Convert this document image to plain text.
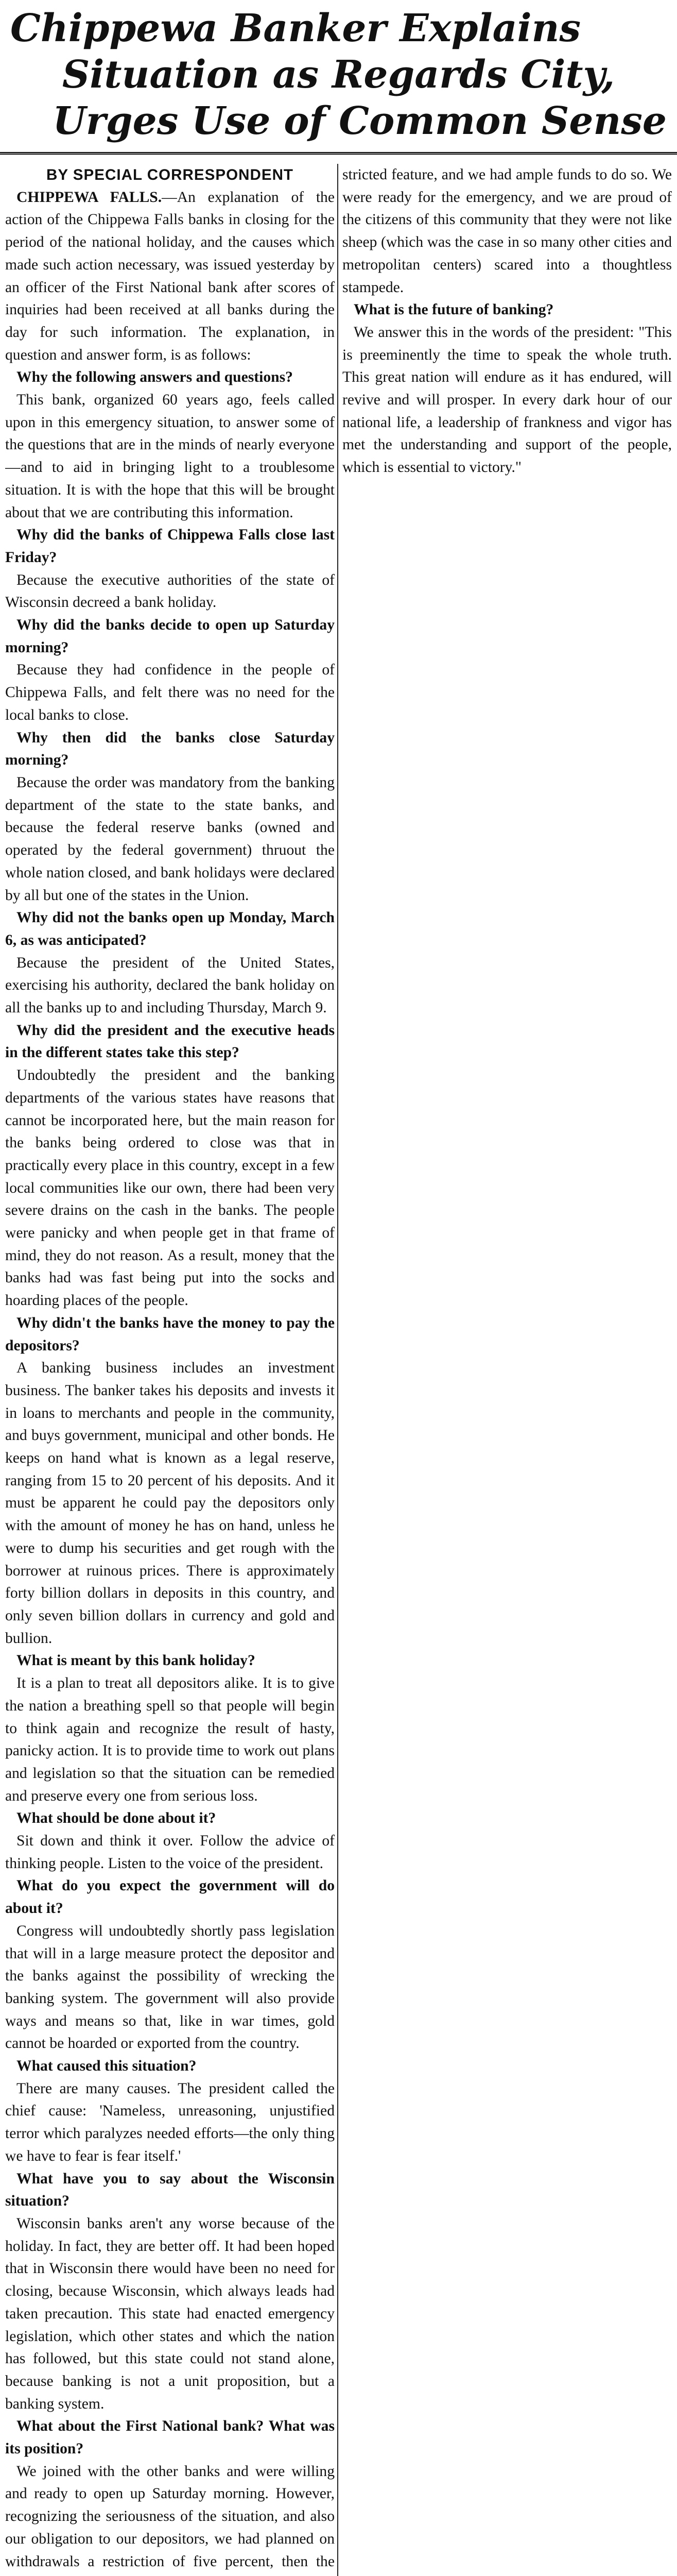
Chippewa Banker Explains
Situation as Regards City,
Urges Use of Common Sense

BY SPECIAL CORRESPONDENT

CHIPPEWA FALLS.—An explanation of the action of the Chippewa Falls banks in closing for the period of the national holiday, and the causes which made such action necessary, was issued yesterday by an officer of the First National bank after scores of inquiries had been received at all banks during the day for such information. The explanation, in question and answer form, is as follows:

Why the following answers and questions?

This bank, organized 60 years ago, feels called upon in this emergency situation, to answer some of the questions that are in the minds of nearly everyone—and to aid in bringing light to a troublesome situation. It is with the hope that this will be brought about that we are contributing this information.

Why did the banks of Chippewa Falls close last Friday?

Because the executive authorities of the state of Wisconsin decreed a bank holiday.

Why did the banks decide to open up Saturday morning?

Because they had confidence in the people of Chippewa Falls, and felt there was no need for the local banks to close.

Why then did the banks close Saturday morning?

Because the order was mandatory from the banking department of the state to the state banks, and because the federal reserve banks (owned and operated by the federal government) thruout the whole nation closed, and bank holidays were declared by all but one of the states in the Union.

Why did not the banks open up Monday, March 6, as was anticipated?

Because the president of the United States, exercising his authority, declared the bank holiday on all the banks up to and including Thursday, March 9.

Why did the president and the executive heads in the different states take this step?

Undoubtedly the president and the banking departments of the various states have reasons that cannot be incorporated here, but the main reason for the banks being ordered to close was that in practically every place in this country, except in a few local communities like our own, there had been very severe drains on the cash in the banks. The people were panicky and when people get in that frame of mind, they do not reason. As a result, money that the banks had was fast being put into the socks and hoarding places of the people.

Why didn't the banks have the money to pay the depositors?

A banking business includes an investment business. The banker takes his deposits and invests it in loans to merchants and people in the community, and buys government, municipal and other bonds. He keeps on hand what is known as a legal reserve, ranging from 15 to 20 percent of his deposits. And it must be apparent he could pay the depositors only with the amount of money he has on hand, unless he were to dump his securities and get rough with the borrower at ruinous prices. There is approximately forty billion dollars in deposits in this country, and only seven billion dollars in currency and gold and bullion.

What is meant by this bank holiday?

It is a plan to treat all depositors alike. It is to give the nation a breathing spell so that people will begin to think again and recognize the result of hasty, panicky action. It is to provide time to work out plans and legislation so that the situation can be remedied and preserve every one from serious loss.

What should be done about it?

Sit down and think it over. Follow the advice of thinking people. Listen to the voice of the president.

What do you expect the government will do about it?

Congress will undoubtedly shortly pass legislation that will in a large measure protect the depositor and the banks against the possibility of wrecking the banking system. The government will also provide ways and means so that, like in war times, gold cannot be hoarded or exported from the country.

What caused this situation?

There are many causes. The president called the chief cause: 'Nameless, unreasoning, unjustified terror which paralyzes needed efforts—the only thing we have to fear is fear itself.'

What have you to say about the Wisconsin situation?

Wisconsin banks aren't any worse because of the holiday. In fact, they are better off. It had been hoped that in Wisconsin there would have been no need for closing, because Wisconsin, which always leads had taken precaution. This state had enacted emergency legislation, which other states and which the nation has followed, but this state could not stand alone, because banking is not a unit proposition, but a banking system.

What about the First National bank? What was its position?

We joined with the other banks and were willing and ready to open up Saturday morning. However, recognizing the seriousness of the situation, and also our obligation to our depositors, we had planned on withdrawals a restriction of five percent, then the

stricted feature, and we had ample funds to do so. We were ready for the emergency, and we are proud of the citizens of this community that they were not like sheep (which was the case in so many other cities and metropolitan centers) scared into a thoughtless stampede.

What is the future of banking?

We answer this in the words of the president: "This is preeminently the time to speak the whole truth. This great nation will endure as it has endured, will revive and will prosper. In every dark hour of our national life, a leadership of frankness and vigor has met the understanding and support of the people, which is essential to victory."
